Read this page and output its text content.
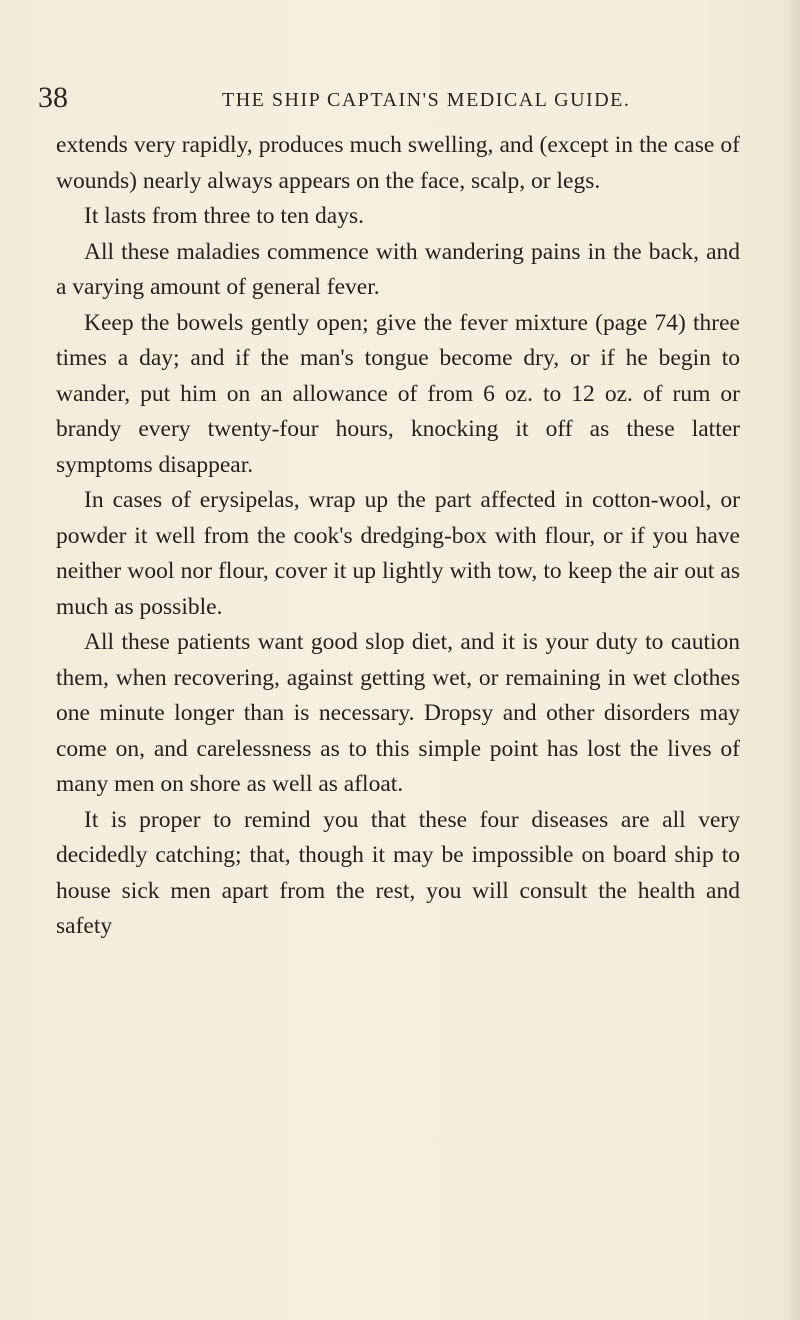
38	THE SHIP CAPTAIN'S MEDICAL GUIDE.

extends very rapidly, produces much swelling, and (except in the case of wounds) nearly always appears on the face, scalp, or legs.

It lasts from three to ten days.

All these maladies commence with wandering pains in the back, and a varying amount of general fever.

Keep the bowels gently open; give the fever mixture (page 74) three times a day; and if the man's tongue become dry, or if he begin to wander, put him on an allowance of from 6 oz. to 12 oz. of rum or brandy every twenty-four hours, knocking it off as these latter symptoms disappear.

In cases of erysipelas, wrap up the part affected in cotton-wool, or powder it well from the cook's dredging-box with flour, or if you have neither wool nor flour, cover it up lightly with tow, to keep the air out as much as possible.

All these patients want good slop diet, and it is your duty to caution them, when recovering, against getting wet, or remaining in wet clothes one minute longer than is necessary. Dropsy and other disorders may come on, and carelessness as to this simple point has lost the lives of many men on shore as well as afloat.

It is proper to remind you that these four diseases are all very decidedly catching; that, though it may be impossible on board ship to house sick men apart from the rest, you will consult the health and safety
